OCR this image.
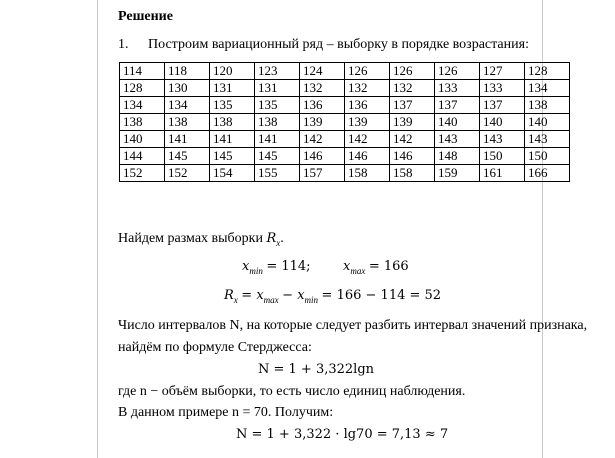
Решение
1. Построим вариационный ряд – выборку в порядке возрастания:
114	118	120	123	124	126	126	126	127	128
128	130	131	131	132	132	132	133	133	134
134	134	135	135	136	136	137	137	137	138
138	138	138	138	139	139	139	140	140	140
140	141	141	141	142	142	142	143	143	143
144	145	145	145	146	146	146	148	150	150
152	152	154	155	157	158	158	159	161	166
Найдем размах выборки $R_x$.
$x_{min} = 114$; $x_{max} = 166$
$R_x = x_{max} - x_{min} = 166 - 114 = 52$
Число интервалов N, на которые следует разбить интервал значений признака,
найдём по формуле Стерджесса:
N = 1 + 3,322lgn
где n − объём выборки, то есть число единиц наблюдения.
В данном примере n = 70. Получим:
N = 1 + 3,322 · lg70 = 7,13 ≈ 7
